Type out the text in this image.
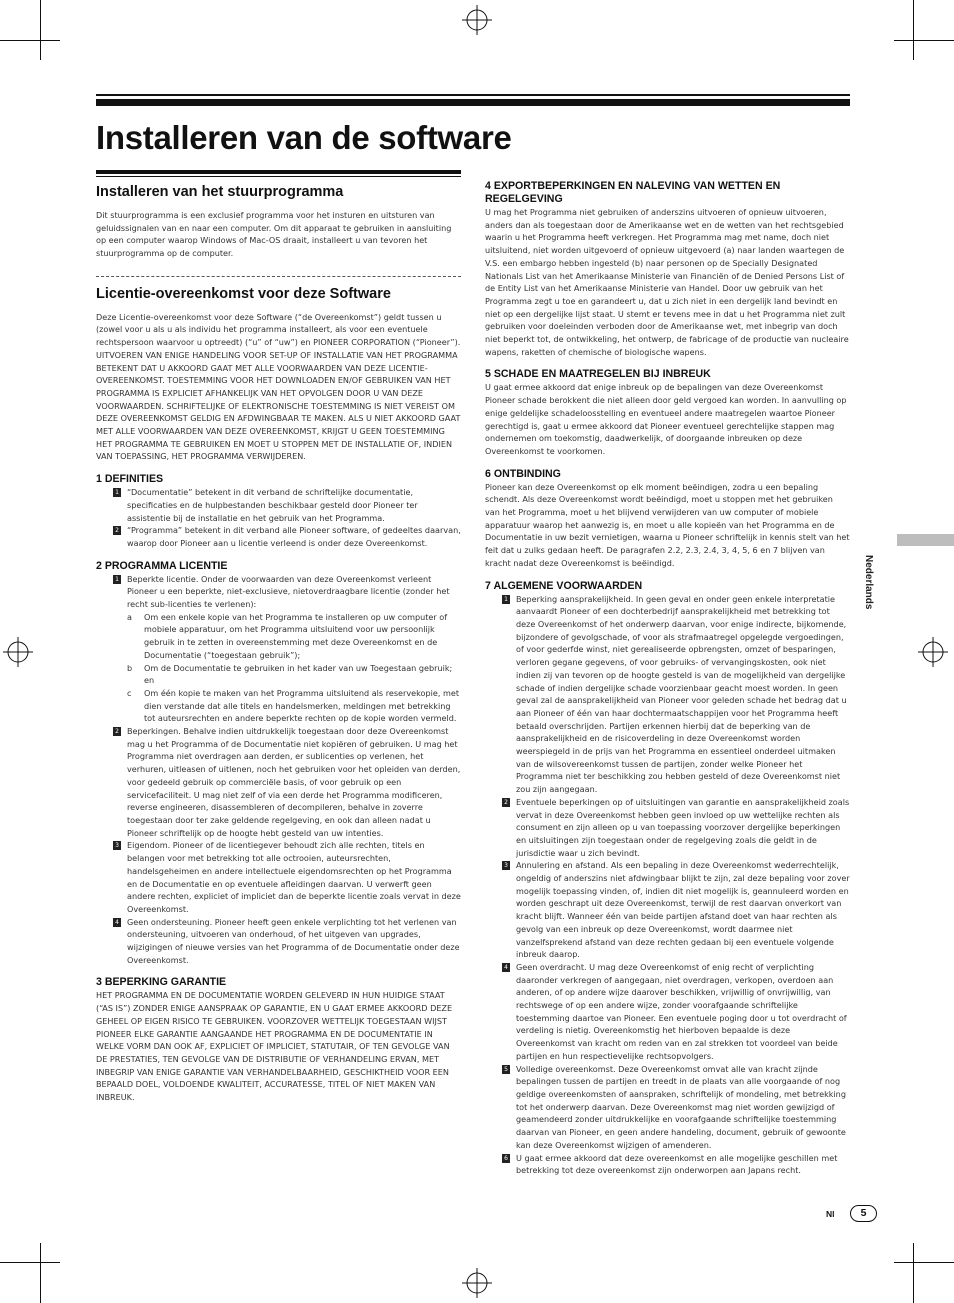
Installeren van de software
Installeren van het stuurprogramma

Dit stuurprogramma is een exclusief programma voor het insturen en uitsturen van geluidssignalen van en naar een computer. Om dit apparaat te gebruiken in aansluiting op een computer waarop Windows of Mac-OS draait, installeert u van tevoren het stuurprogramma op de computer.

Licentie-overeenkomst voor deze Software

Deze Licentie-overeenkomst voor deze Software (“de Overeenkomst”) geldt tussen u (zowel voor u als u als individu het programma installeert, als voor een eventuele rechtspersoon waarvoor u optreedt) (“u” of “uw”) en PIONEER CORPORATION (“Pioneer”).

UITVOEREN VAN ENIGE HANDELING VOOR SET-UP OF INSTALLATIE VAN HET PROGRAMMA BETEKENT DAT U AKKOORD GAAT MET ALLE VOORWAARDEN VAN DEZE LICENTIE-OVEREENKOMST. TOESTEMMING VOOR HET DOWNLOADEN EN/OF GEBRUIKEN VAN HET PROGRAMMA IS EXPLICIET AFHANKELIJK VAN HET OPVOLGEN DOOR U VAN DEZE VOORWAARDEN. SCHRIFTELIJKE OF ELEKTRONISCHE TOESTEMMING IS NIET VEREIST OM DEZE OVEREENKOMST GELDIG EN AFDWINGBAAR TE MAKEN. ALS U NIET AKKOORD GAAT MET ALLE VOORWAARDEN VAN DEZE OVEREENKOMST, KRIJGT U GEEN TOESTEMMING HET PROGRAMMA TE GEBRUIKEN EN MOET U STOPPEN MET DE INSTALLATIE OF, INDIEN VAN TOEPASSING, HET PROGRAMMA VERWIJDEREN.

1 DEFINITIES
1 “Documentatie” betekent in dit verband de schriftelijke documentatie, specificaties en de hulpbestanden beschikbaar gesteld door Pioneer ter assistentie bij de installatie en het gebruik van het Programma.
2 “Programma” betekent in dit verband alle Pioneer software, of gedeeltes daarvan, waarop door Pioneer aan u licentie verleend is onder deze Overeenkomst.
2 PROGRAMMA LICENTIE
1 Beperkte licentie. Onder de voorwaarden van deze Overeenkomst verleent Pioneer u een beperkte, niet-exclusieve, nietoverdraagbare licentie (zonder het recht sub-licenties te verlenen):
a Om een enkele kopie van het Programma te installeren op uw computer of mobiele apparatuur, om het Programma uitsluitend voor uw persoonlijk gebruik in te zetten in overeenstemming met deze Overeenkomst en de Documentatie (“toegestaan gebruik”);
b Om de Documentatie te gebruiken in het kader van uw Toegestaan gebruik; en
c Om één kopie te maken van het Programma uitsluitend als reservekopie, met dien verstande dat alle titels en handelsmerken, meldingen met betrekking tot auteursrechten en andere beperkte rechten op de kopie worden vermeld.
2 Beperkingen. Behalve indien uitdrukkelijk toegestaan door deze Overeenkomst mag u het Programma of de Documentatie niet kopiëren of gebruiken. U mag het Programma niet overdragen aan derden, er sublicenties op verlenen, het verhuren, uitleasen of uitlenen, noch het gebruiken voor het opleiden van derden, voor gedeeld gebruik op commerciële basis, of voor gebruik op een servicefaciliteit. U mag niet zelf of via een derde het Programma modificeren, reverse engineeren, disassembleren of decompileren, behalve in zoverre toegestaan door ter zake geldende regelgeving, en ook dan alleen nadat u Pioneer schriftelijk op de hoogte hebt gesteld van uw intenties.
3 Eigendom. Pioneer of de licentiegever behoudt zich alle rechten, titels en belangen voor met betrekking tot alle octrooien, auteursrechten, handelsgeheimen en andere intellectuele eigendomsrechten op het Programma en de Documentatie en op eventuele afleidingen daarvan. U verwerft geen andere rechten, expliciet of impliciet dan de beperkte licentie zoals vervat in deze Overeenkomst.
4 Geen ondersteuning. Pioneer heeft geen enkele verplichting tot het verlenen van ondersteuning, uitvoeren van onderhoud, of het uitgeven van upgrades, wijzigingen of nieuwe versies van het Programma of de Documentatie onder deze Overeenkomst.
3 BEPERKING GARANTIE

HET PROGRAMMA EN DE DOCUMENTATIE WORDEN GELEVERD IN HUN HUIDIGE STAAT (“AS IS”) ZONDER ENIGE AANSPRAAK OP GARANTIE, EN U GAAT ERMEE AKKOORD DEZE GEHEEL OP EIGEN RISICO TE GEBRUIKEN. VOORZOVER WETTELIJK TOEGESTAAN WIJST PIONEER ELKE GARANTIE AANGAANDE HET PROGRAMMA EN DE DOCUMENTATIE IN WELKE VORM DAN OOK AF, EXPLICIET OF IMPLICIET, STATUTAIR, OF TEN GEVOLGE VAN DE PRESTATIES, TEN GEVOLGE VAN DE DISTRIBUTIE OF VERHANDELING ERVAN, MET INBEGRIP VAN ENIGE GARANTIE VAN VERHANDELBAARHEID, GESCHIKTHEID VOOR EEN BEPAALD DOEL, VOLDOENDE KWALITEIT, ACCURATESSE, TITEL OF NIET MAKEN VAN INBREUK.

4 EXPORTBEPERKINGEN EN NALEVING VAN WETTEN EN REGELGEVING

U mag het Programma niet gebruiken of anderszins uitvoeren of opnieuw uitvoeren, anders dan als toegestaan door de Amerikaanse wet en de wetten van het rechtsgebied waarin u het Programma heeft verkregen. Het Programma mag met name, doch niet uitsluitend, niet worden uitgevoerd of opnieuw uitgevoerd (a) naar landen waartegen de V.S. een embargo hebben ingesteld (b) naar personen op de Specially Designated Nationals List van het Amerikaanse Ministerie van Financiën of de Denied Persons List of de Entity List van het Amerikaanse Ministerie van Handel. Door uw gebruik van het Programma zegt u toe en garandeert u, dat u zich niet in een dergelijk land bevindt en niet op een dergelijke lijst staat. U stemt er tevens mee in dat u het Programma niet zult gebruiken voor doeleinden verboden door de Amerikaanse wet, met inbegrip van doch niet beperkt tot, de ontwikkeling, het ontwerp, de fabricage of de productie van nucleaire wapens, raketten of chemische of biologische wapens.

5 SCHADE EN MAATREGELEN BIJ INBREUK

U gaat ermee akkoord dat enige inbreuk op de bepalingen van deze Overeenkomst Pioneer schade berokkent die niet alleen door geld vergoed kan worden. In aanvulling op enige geldelijke schadeloosstelling en eventueel andere maatregelen waartoe Pioneer gerechtigd is, gaat u ermee akkoord dat Pioneer eventueel gerechtelijke stappen mag ondernemen om toekomstig, daadwerkelijk, of doorgaande inbreuken op deze Overeenkomst te voorkomen.

6 ONTBINDING

Pioneer kan deze Overeenkomst op elk moment beëindigen, zodra u een bepaling schendt. Als deze Overeenkomst wordt beëindigd, moet u stoppen met het gebruiken van het Programma, moet u het blijvend verwijderen van uw computer of mobiele apparatuur waarop het aanwezig is, en moet u alle kopieën van het Programma en de Documentatie in uw bezit vernietigen, waarna u Pioneer schriftelijk in kennis stelt van het feit dat u zulks gedaan heeft. De paragrafen 2.2, 2.3, 2.4, 3, 4, 5, 6 en 7 blijven van kracht nadat deze Overeenkomst is beëindigd.

7 ALGEMENE VOORWAARDEN
1 Beperking aansprakelijkheid. In geen geval en onder geen enkele interpretatie aanvaardt Pioneer of een dochterbedrijf aansprakelijkheid met betrekking tot deze Overeenkomst of het onderwerp daarvan, voor enige indirecte, bijkomende, bijzondere of gevolgschade, of voor als strafmaatregel opgelegde vergoedingen, of voor gederfde winst, niet gerealiseerde opbrengsten, omzet of besparingen, verloren gegane gegevens, of voor gebruiks- of vervangingskosten, ook niet indien zij van tevoren op de hoogte gesteld is van de mogelijkheid van dergelijke schade of indien dergelijke schade voorzienbaar geacht moest worden. In geen geval zal de aansprakelijkheid van Pioneer voor geleden schade het bedrag dat u aan Pioneer of één van haar dochtermaatschappijen voor het Programma heeft betaald overschrijden. Partijen erkennen hierbij dat de beperking van de aansprakelijkheid en de risicoverdeling in deze Overeenkomst worden weerspiegeld in de prijs van het Programma en essentieel onderdeel uitmaken van de wilsovereenkomst tussen de partijen, zonder welke Pioneer het Programma niet ter beschikking zou hebben gesteld of deze Overeenkomst niet zou zijn aangegaan.
2 Eventuele beperkingen op of uitsluitingen van garantie en aansprakelijkheid zoals vervat in deze Overeenkomst hebben geen invloed op uw wettelijke rechten als consument en zijn alleen op u van toepassing voorzover dergelijke beperkingen en uitsluitingen zijn toegestaan onder de regelgeving zoals die geldt in de jurisdictie waar u zich bevindt.
3 Annulering en afstand. Als een bepaling in deze Overeenkomst wederrechtelijk, ongeldig of anderszins niet afdwingbaar blijkt te zijn, zal deze bepaling voor zover mogelijk toepassing vinden, of, indien dit niet mogelijk is, geannuleerd worden en worden geschrapt uit deze Overeenkomst, terwijl de rest daarvan onverkort van kracht blijft. Wanneer één van beide partijen afstand doet van haar rechten als gevolg van een inbreuk op deze Overeenkomst, wordt daarmee niet vanzelfsprekend afstand van deze rechten gedaan bij een eventuele volgende inbreuk daarop.
4 Geen overdracht. U mag deze Overeenkomst of enig recht of verplichting daaronder verkregen of aangegaan, niet overdragen, verkopen, overdoen aan anderen, of op andere wijze daarover beschikken, vrijwillig of onvrijwillig, van rechtswege of op een andere wijze, zonder voorafgaande schriftelijke toestemming daartoe van Pioneer. Een eventuele poging door u tot overdracht of verdeling is nietig. Overeenkomstig het hierboven bepaalde is deze Overeenkomst van kracht om reden van en zal strekken tot voordeel van beide partijen en hun respectievelijke rechtsopvolgers.
5 Volledige overeenkomst. Deze Overeenkomst omvat alle van kracht zijnde bepalingen tussen de partijen en treedt in de plaats van alle voorgaande of nog geldige overeenkomsten of aanspraken, schriftelijk of mondeling, met betrekking tot het onderwerp daarvan. Deze Overeenkomst mag niet worden gewijzigd of geamendeerd zonder uitdrukkelijke en voorafgaande schriftelijke toestemming daarvan van Pioneer, en geen andere handeling, document, gebruik of gewoonte kan deze Overeenkomst wijzigen of amenderen.
6 U gaat ermee akkoord dat deze overeenkomst en alle mogelijke geschillen met betrekking tot deze overeenkomst zijn onderworpen aan Japans recht.
Nederlands
Nl	5
